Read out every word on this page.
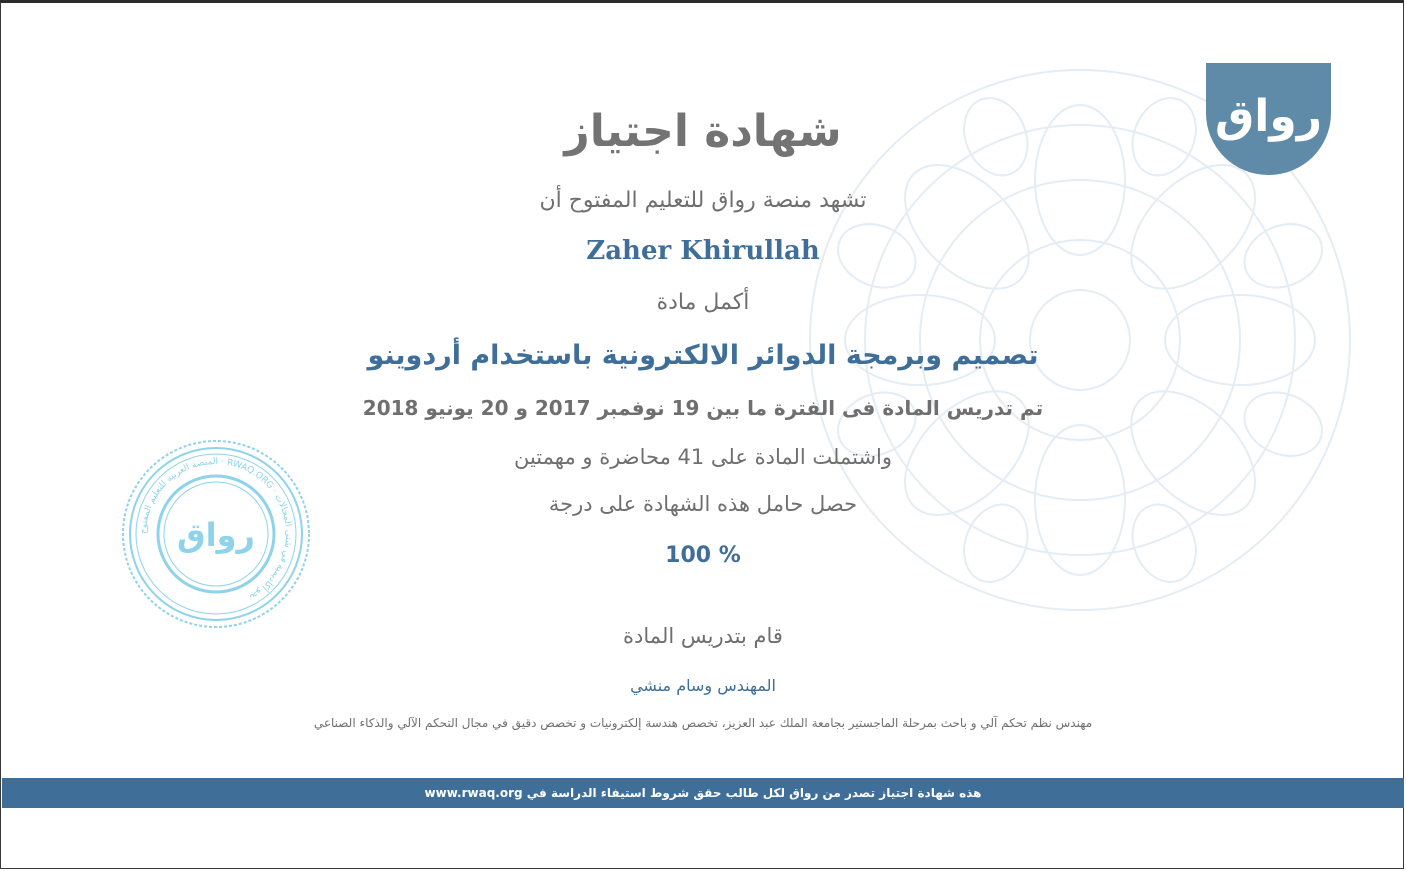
رواق
المنصة العربية للتعليم المفتوح · RWAQ.ORG · نحو أكاديمية في شتى المجالات
رواق
شهادة اجتياز
تشهد منصة رواق للتعليم المفتوح أن
Zaher Khirullah
أكمل مادة
تصميم وبرمجة الدوائر الالكترونية باستخدام أردوينو
تم تدريس المادة فى الفترة ما بين 19 نوفمبر 2017 و 20 يونيو 2018
واشتملت المادة على 41 محاضرة و مهمتين
حصل حامل هذه الشهادة على درجة
% 100
قام بتدريس المادة
المهندس وسام منشي
مهندس نظم تحكم آلي و باحث بمرحلة الماجستير بجامعة الملك عبد العزيز، تخصص هندسة إلكترونيات و تخصص دقيق في مجال التحكم الآلي والذكاء الصناعي
هذه شهادة اجتياز تصدر من رواق لكل طالب حقق شروط استيفاء الدراسة في www.rwaq.org
